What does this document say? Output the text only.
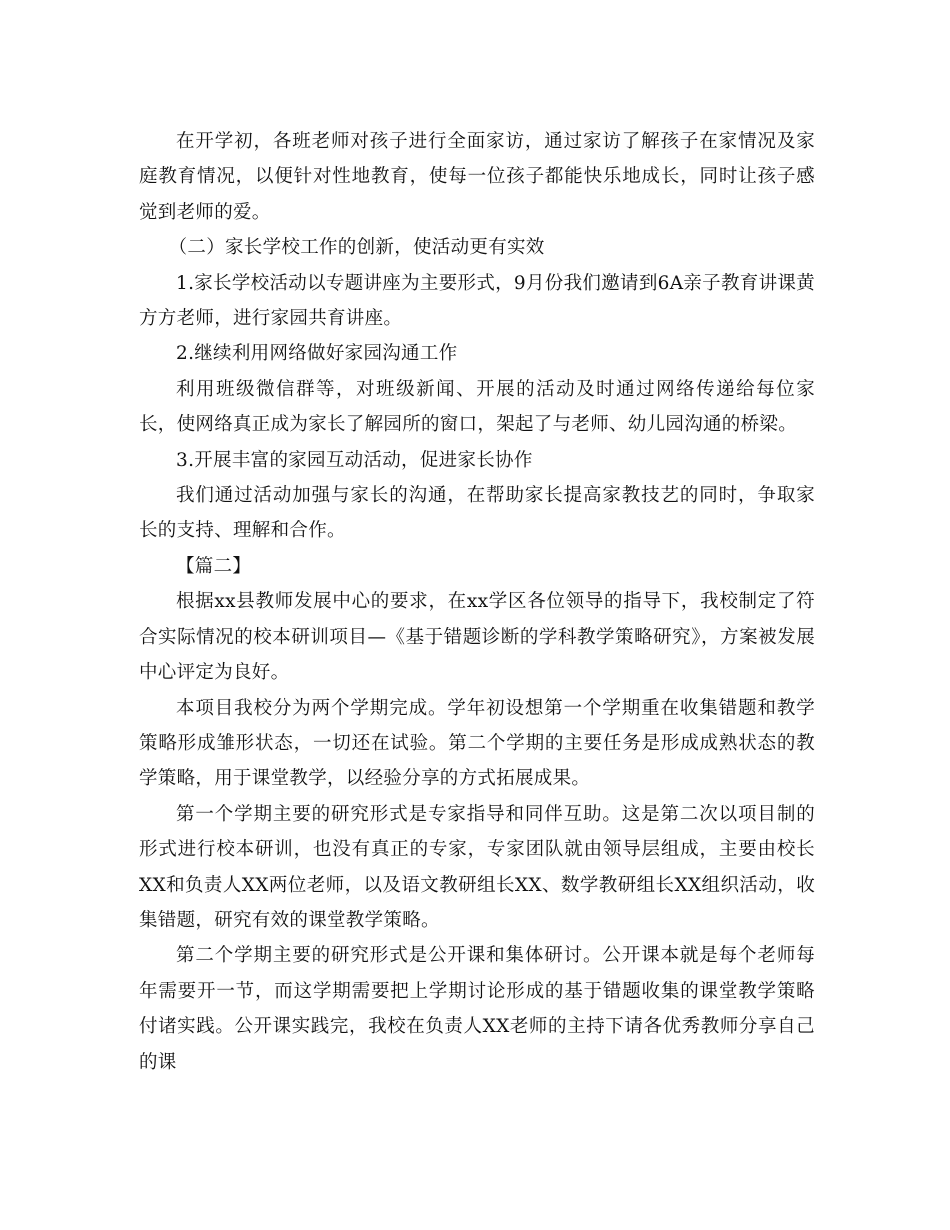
在开学初，各班老师对孩子进行全面家访，通过家访了解孩子在家情况及家庭教育情况，以便针对性地教育，使每一位孩子都能快乐地成长，同时让孩子感觉到老师的爱。

（二）家长学校工作的创新，使活动更有实效

1.家长学校活动以专题讲座为主要形式，9月份我们邀请到6A亲子教育讲课黄方方老师，进行家园共育讲座。

2.继续利用网络做好家园沟通工作

利用班级微信群等，对班级新闻、开展的活动及时通过网络传递给每位家长，使网络真正成为家长了解园所的窗口，架起了与老师、幼儿园沟通的桥梁。

3.开展丰富的家园互动活动，促进家长协作

我们通过活动加强与家长的沟通，在帮助家长提高家教技艺的同时，争取家长的支持、理解和合作。

【篇二】

根据xx县教师发展中心的要求，在xx学区各位领导的指导下，我校制定了符合实际情况的校本研训项目—《基于错题诊断的学科教学策略研究》，方案被发展中心评定为良好。

本项目我校分为两个学期完成。学年初设想第一个学期重在收集错题和教学策略形成雏形状态，一切还在试验。第二个学期的主要任务是形成成熟状态的教学策略，用于课堂教学，以经验分享的方式拓展成果。

第一个学期主要的研究形式是专家指导和同伴互助。这是第二次以项目制的形式进行校本研训，也没有真正的专家，专家团队就由领导层组成，主要由校长XX和负责人XX两位老师，以及语文教研组长XX、数学教研组长XX组织活动，收集错题，研究有效的课堂教学策略。

第二个学期主要的研究形式是公开课和集体研讨。公开课本就是每个老师每年需要开一节，而这学期需要把上学期讨论形成的基于错题收集的课堂教学策略付诸实践。公开课实践完，我校在负责人XX老师的主持下请各优秀教师分享自己的课
